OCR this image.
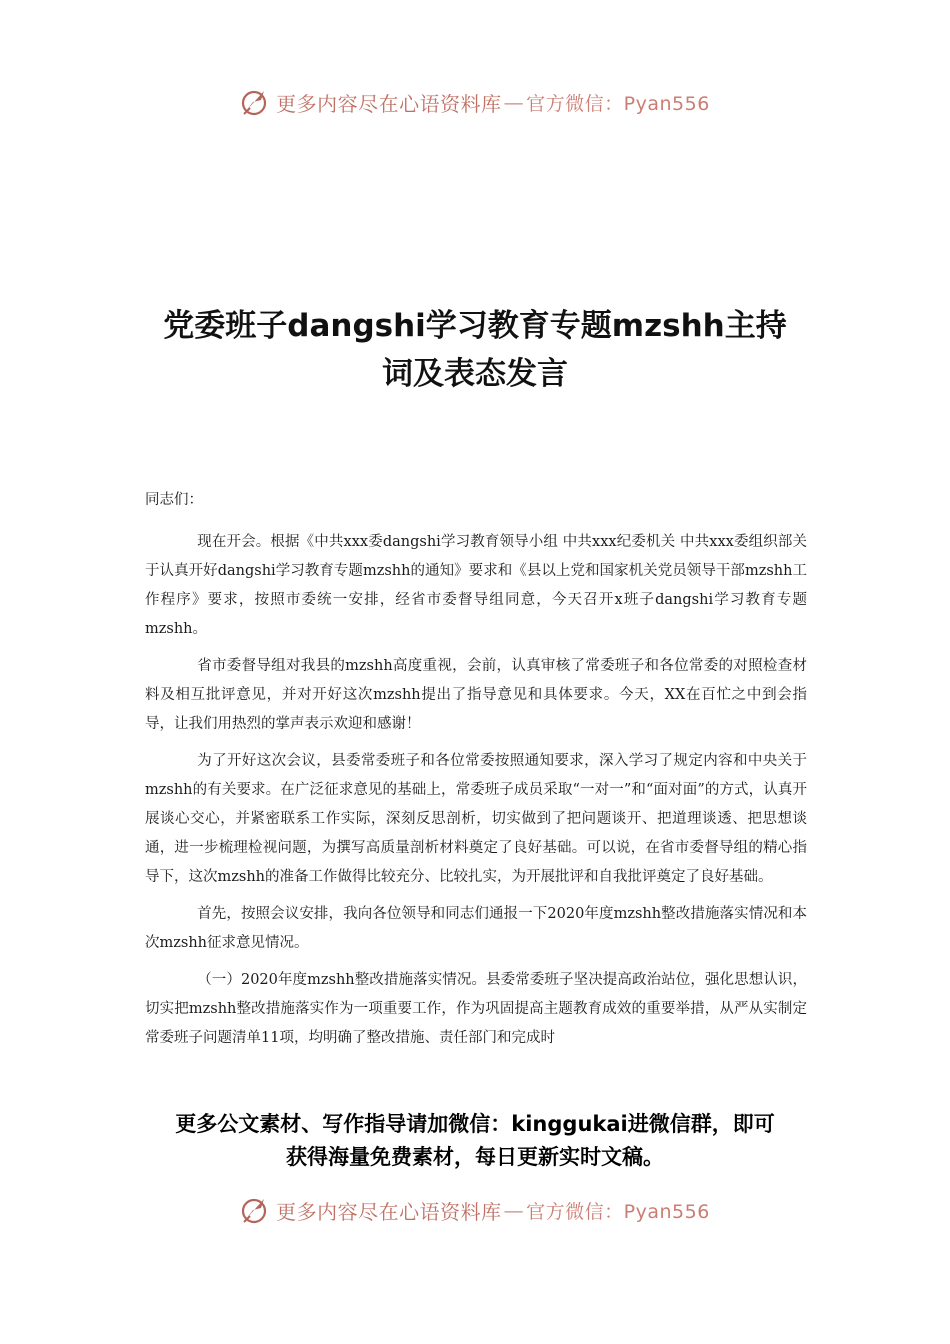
更多内容尽在心语资料库 — 官方微信：Pyan556
党委班子dangshi学习教育专题mzshh主持
词及表态发言
同志们：

现在开会。根据《中共xxx委dangshi学习教育领导小组 中共xxx纪委机关 中共xxx委组织部关于认真开好dangshi学习教育专题mzshh的通知》要求和《县以上党和国家机关党员领导干部mzshh工作程序》要求，按照市委统一安排，经省市委督导组同意，今天召开x班子dangshi学习教育专题mzshh。

省市委督导组对我县的mzshh高度重视，会前，认真审核了常委班子和各位常委的对照检查材料及相互批评意见，并对开好这次mzshh提出了指导意见和具体要求。今天，XX在百忙之中到会指导，让我们用热烈的掌声表示欢迎和感谢！

为了开好这次会议，县委常委班子和各位常委按照通知要求，深入学习了规定内容和中央关于mzshh的有关要求。在广泛征求意见的基础上，常委班子成员采取“一对一”和“面对面”的方式，认真开展谈心交心，并紧密联系工作实际，深刻反思剖析，切实做到了把问题谈开、把道理谈透、把思想谈通，进一步梳理检视问题，为撰写高质量剖析材料奠定了良好基础。可以说，在省市委督导组的精心指导下，这次mzshh的准备工作做得比较充分、比较扎实，为开展批评和自我批评奠定了良好基础。

首先，按照会议安排，我向各位领导和同志们通报一下2020年度mzshh整改措施落实情况和本次mzshh征求意见情况。

（一）2020年度mzshh整改措施落实情况。县委常委班子坚决提高政治站位，强化思想认识，切实把mzshh整改措施落实作为一项重要工作，作为巩固提高主题教育成效的重要举措，从严从实制定常委班子问题清单11项，均明确了整改措施、责任部门和完成时

更多公文素材、写作指导请加微信：kinggukai进微信群，即可
获得海量免费素材，每日更新实时文稿。
更多内容尽在心语资料库 — 官方微信：Pyan556
